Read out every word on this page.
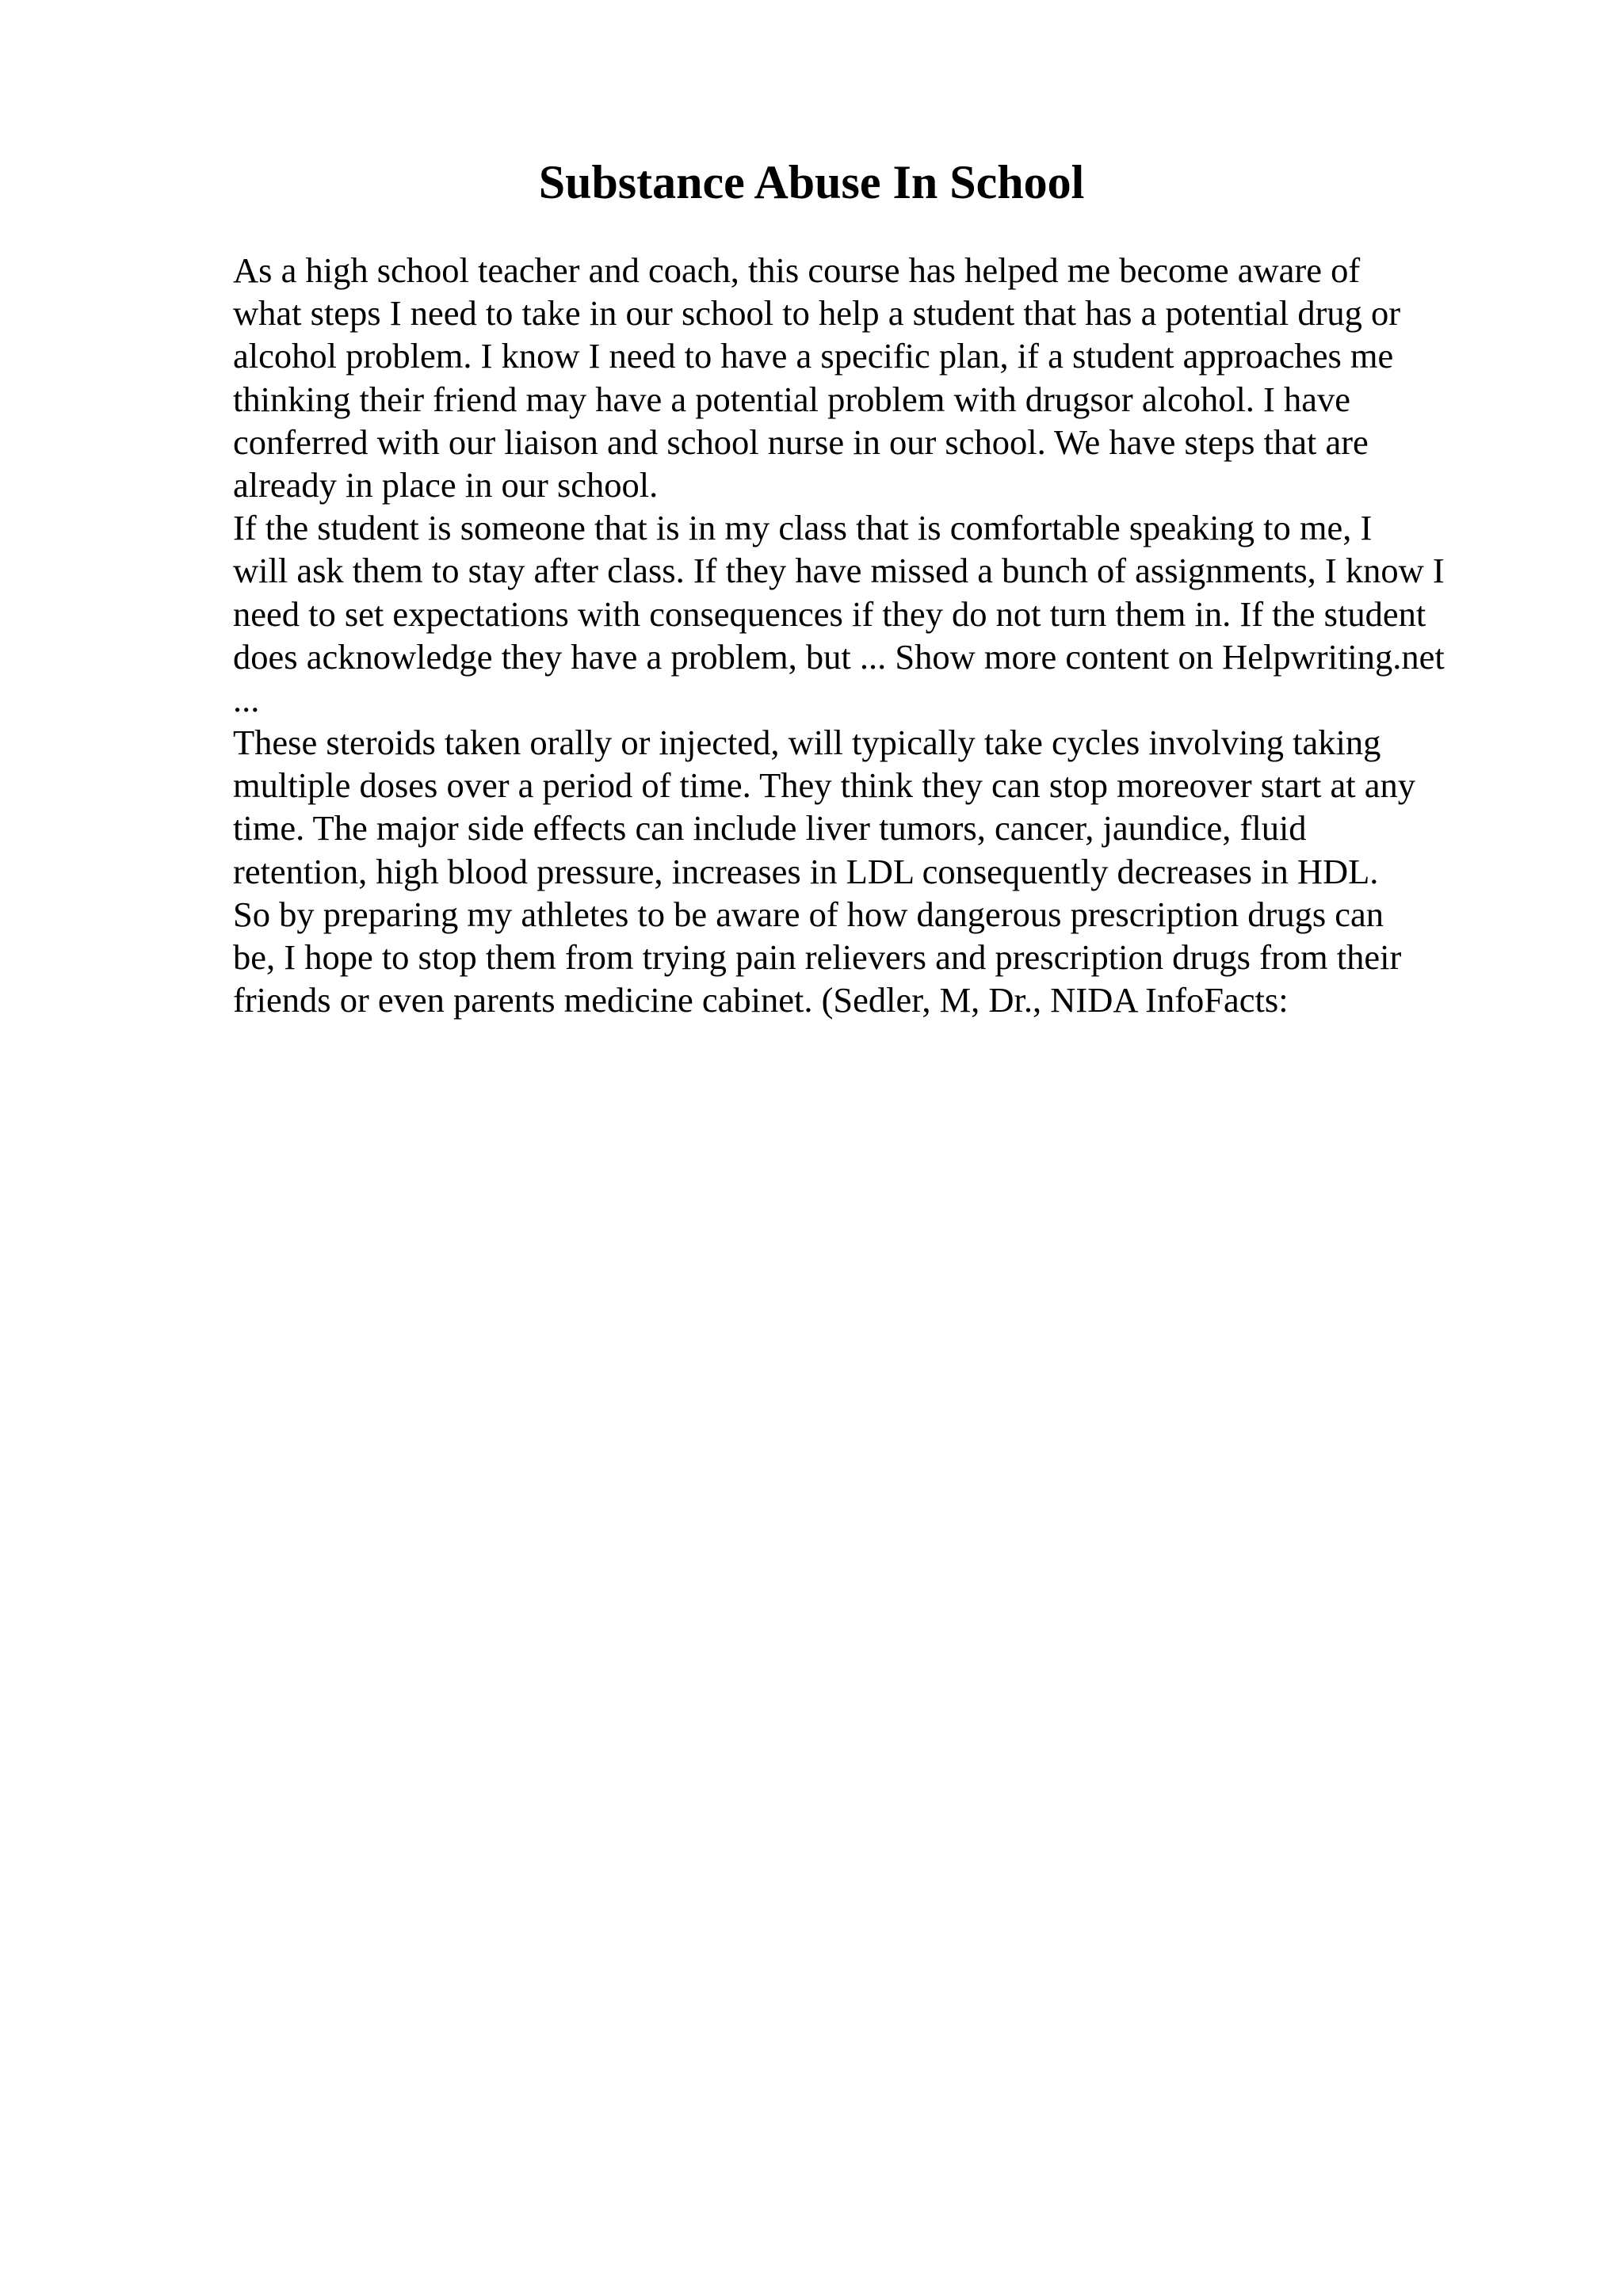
Substance Abuse In School
As a high school teacher and coach, this course has helped me become aware of
what steps I need to take in our school to help a student that has a potential drug or
alcohol problem. I know I need to have a specific plan, if a student approaches me
thinking their friend may have a potential problem with drugsor alcohol. I have
conferred with our liaison and school nurse in our school. We have steps that are
already in place in our school.
If the student is someone that is in my class that is comfortable speaking to me, I
will ask them to stay after class. If they have missed a bunch of assignments, I know I
need to set expectations with consequences if they do not turn them in. If the student
does acknowledge they have a problem, but ... Show more content on Helpwriting.net
...
These steroids taken orally or injected, will typically take cycles involving taking
multiple doses over a period of time. They think they can stop moreover start at any
time. The major side effects can include liver tumors, cancer, jaundice, fluid
retention, high blood pressure, increases in LDL consequently decreases in HDL.
So by preparing my athletes to be aware of how dangerous prescription drugs can
be, I hope to stop them from trying pain relievers and prescription drugs from their
friends or even parents medicine cabinet. (Sedler, M, Dr., NIDA InfoFacts:
